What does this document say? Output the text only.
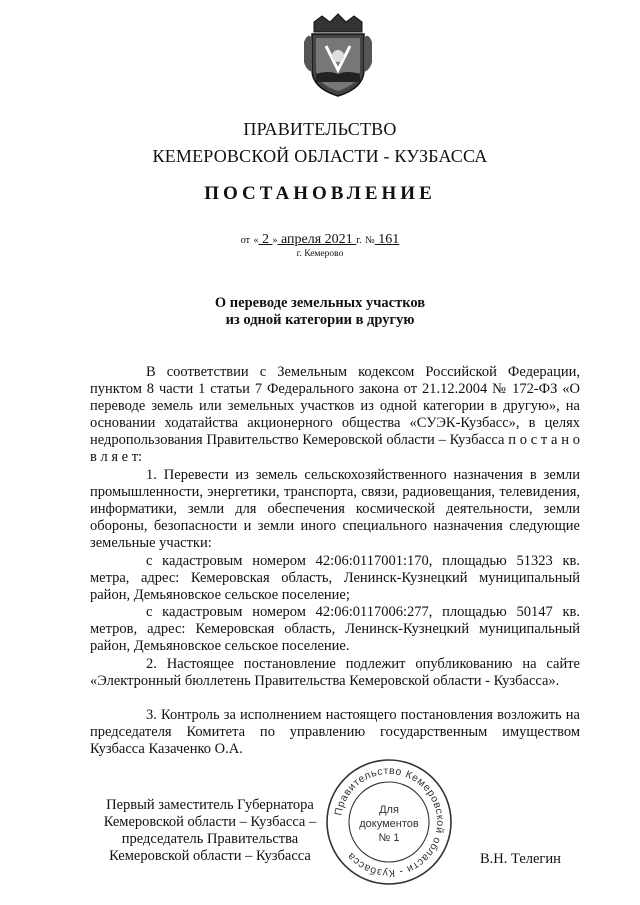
ПРАВИТЕЛЬСТВО
КЕМЕРОВСКОЙ ОБЛАСТИ - КУЗБАССА
ПОСТАНОВЛЕНИЕ
от « 2 » апреля 2021 г. № 161
г. Кемерово
О переводе земельных участков
из одной категории в другую

В соответствии с Земельным кодексом Российской Федерации, пунктом 8 части 1 статьи 7 Федерального закона от 21.12.2004 № 172-ФЗ «О переводе земель или земельных участков из одной категории в другую», на основании ходатайства акционерного общества «СУЭК-Кузбасс», в целях недропользования Правительство Кемеровской области – Кузбасса п о с т а н о в л я е т:

1. Перевести из земель сельскохозяйственного назначения в земли промышленности, энергетики, транспорта, связи, радиовещания, телевидения, информатики, земли для обеспечения космической деятельности, земли обороны, безопасности и земли иного специального назначения следующие земельные участки:

с кадастровым номером 42:06:0117001:170, площадью 51323 кв. метра, адрес: Кемеровская область, Ленинск-Кузнецкий муниципальный район, Демьяновское сельское поселение;

с кадастровым номером 42:06:0117006:277, площадью 50147 кв. метров, адрес: Кемеровская область, Ленинск-Кузнецкий муниципальный район, Демьяновское сельское поселение.

2. Настоящее постановление подлежит опубликованию на сайте «Электронный бюллетень Правительства Кемеровской области - Кузбасса».

3. Контроль за исполнением настоящего постановления возложить на председателя Комитета по управлению государственным имуществом Кузбасса Казаченко О.А.

Первый заместитель Губернатора
Кемеровской области – Кузбасса –
председатель Правительства
Кемеровской области – Кузбасса
Правительство Кемеровской области - Кузбасса
Для
документов
№ 1
В.Н. Телегин
